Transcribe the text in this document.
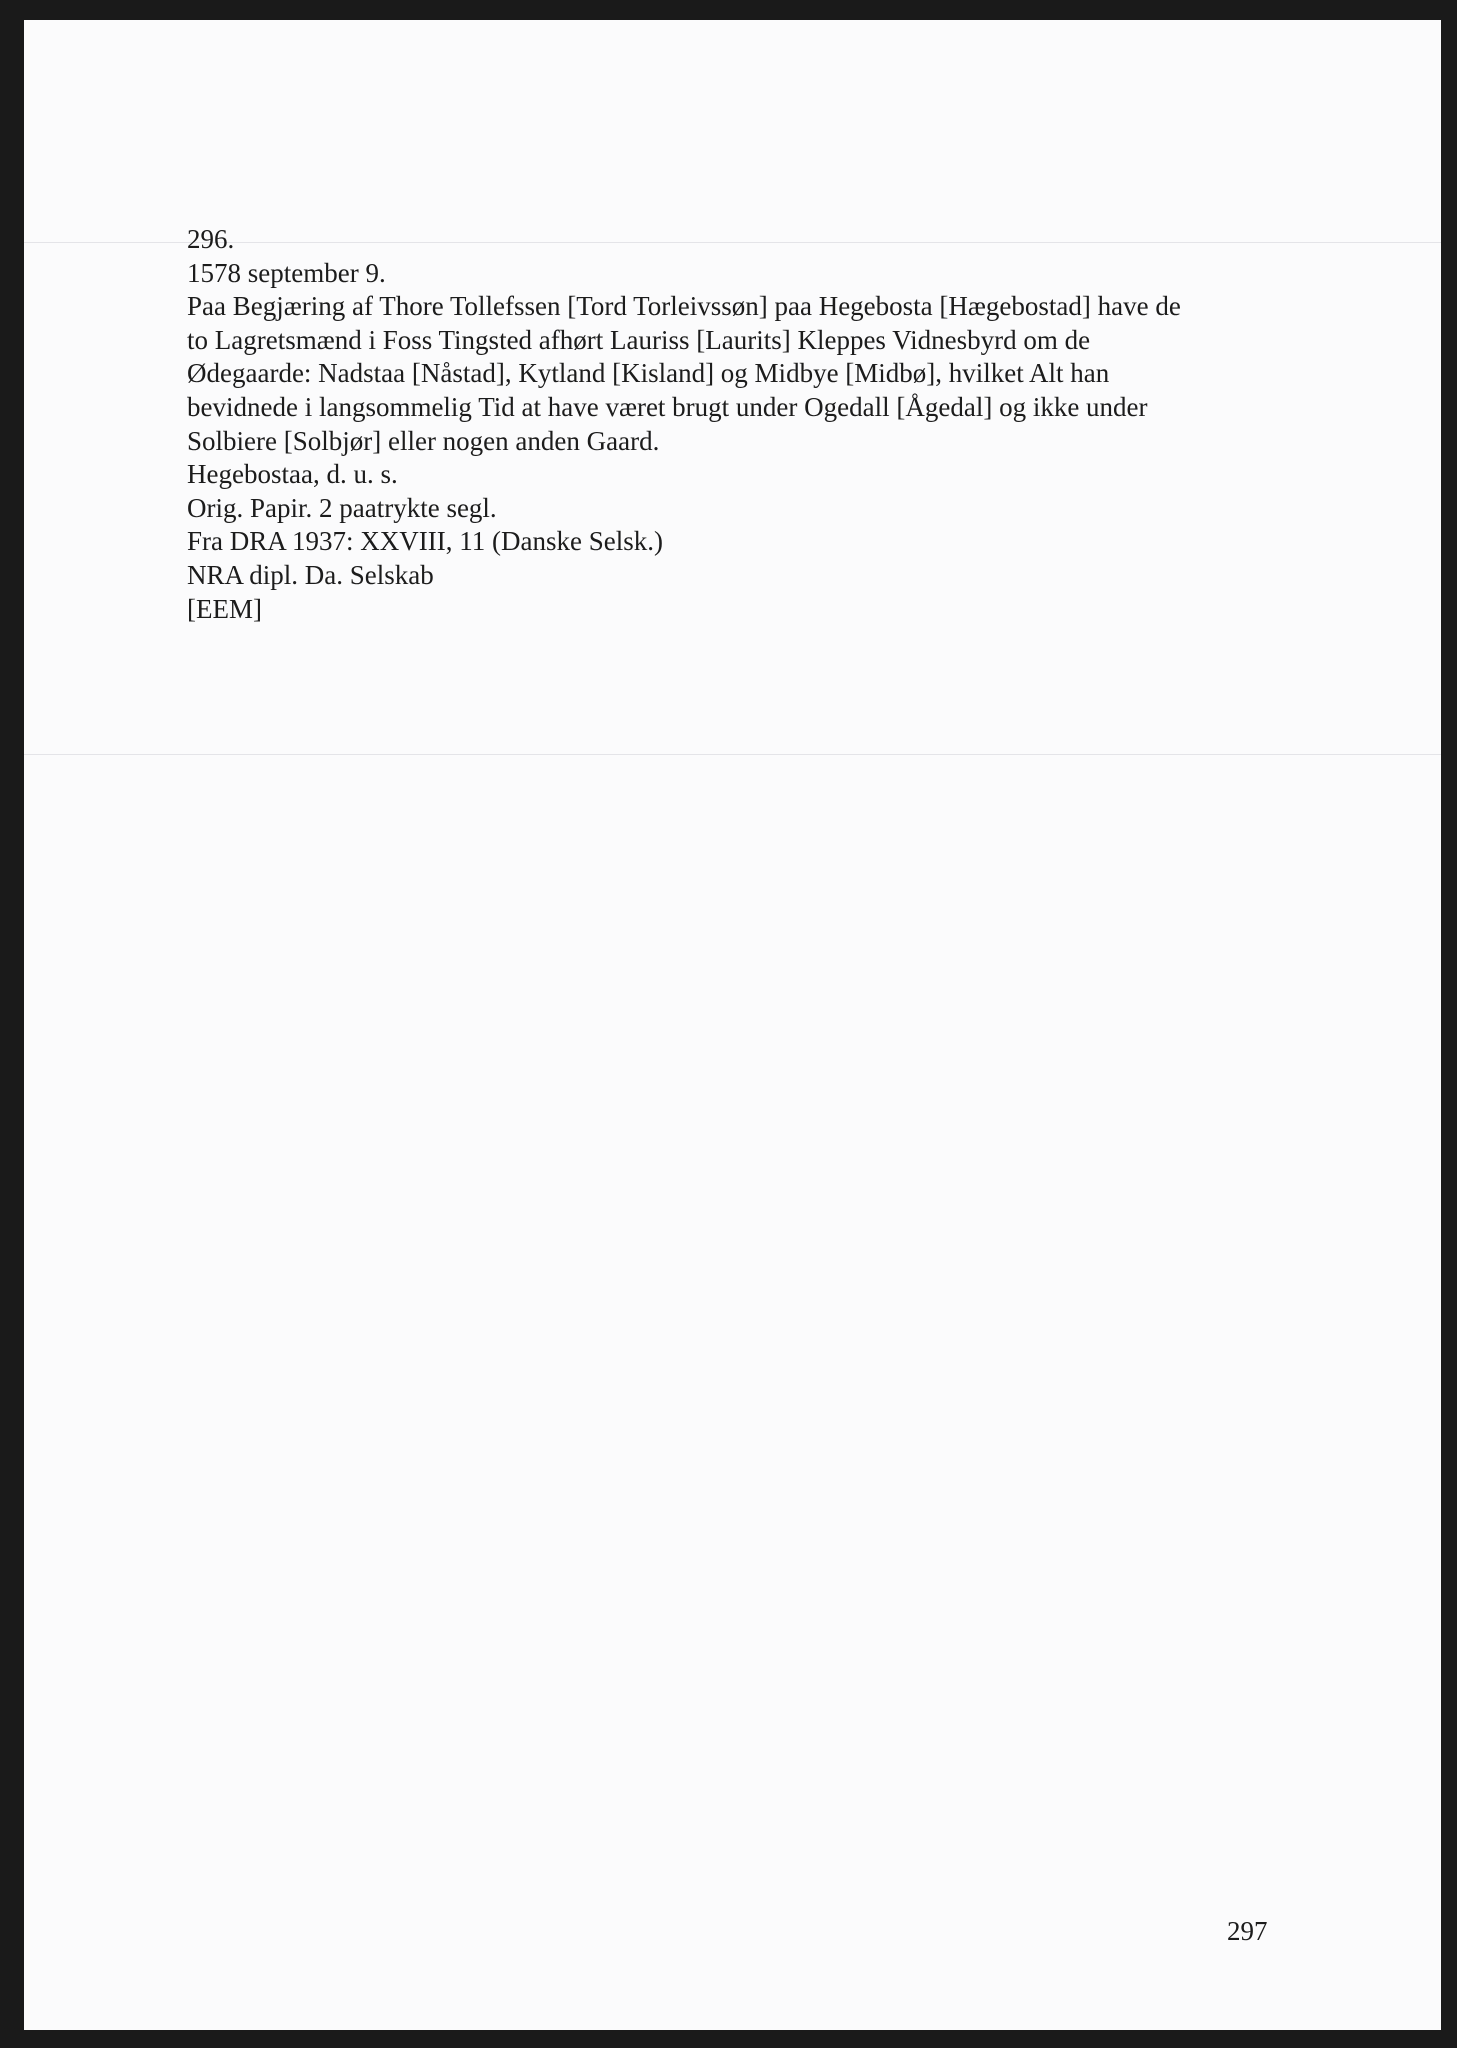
296.
1578 september 9.
Paa Begjæring af Thore Tollefssen [Tord Torleivssøn] paa Hegebosta [Hægebostad] have de
to Lagretsmænd i Foss Tingsted afhørt Lauriss [Laurits] Kleppes Vidnesbyrd om de
Ødegaarde: Nadstaa [Nåstad], Kytland [Kisland] og Midbye [Midbø], hvilket Alt han
bevidnede i langsommelig Tid at have været brugt under Ogedall [Ågedal] og ikke under
Solbiere [Solbjør] eller nogen anden Gaard.
Hegebostaa, d. u. s.
Orig. Papir. 2 paatrykte segl.
Fra DRA 1937: XXVIII, 11 (Danske Selsk.)
NRA dipl. Da. Selskab
[EEM]
297
